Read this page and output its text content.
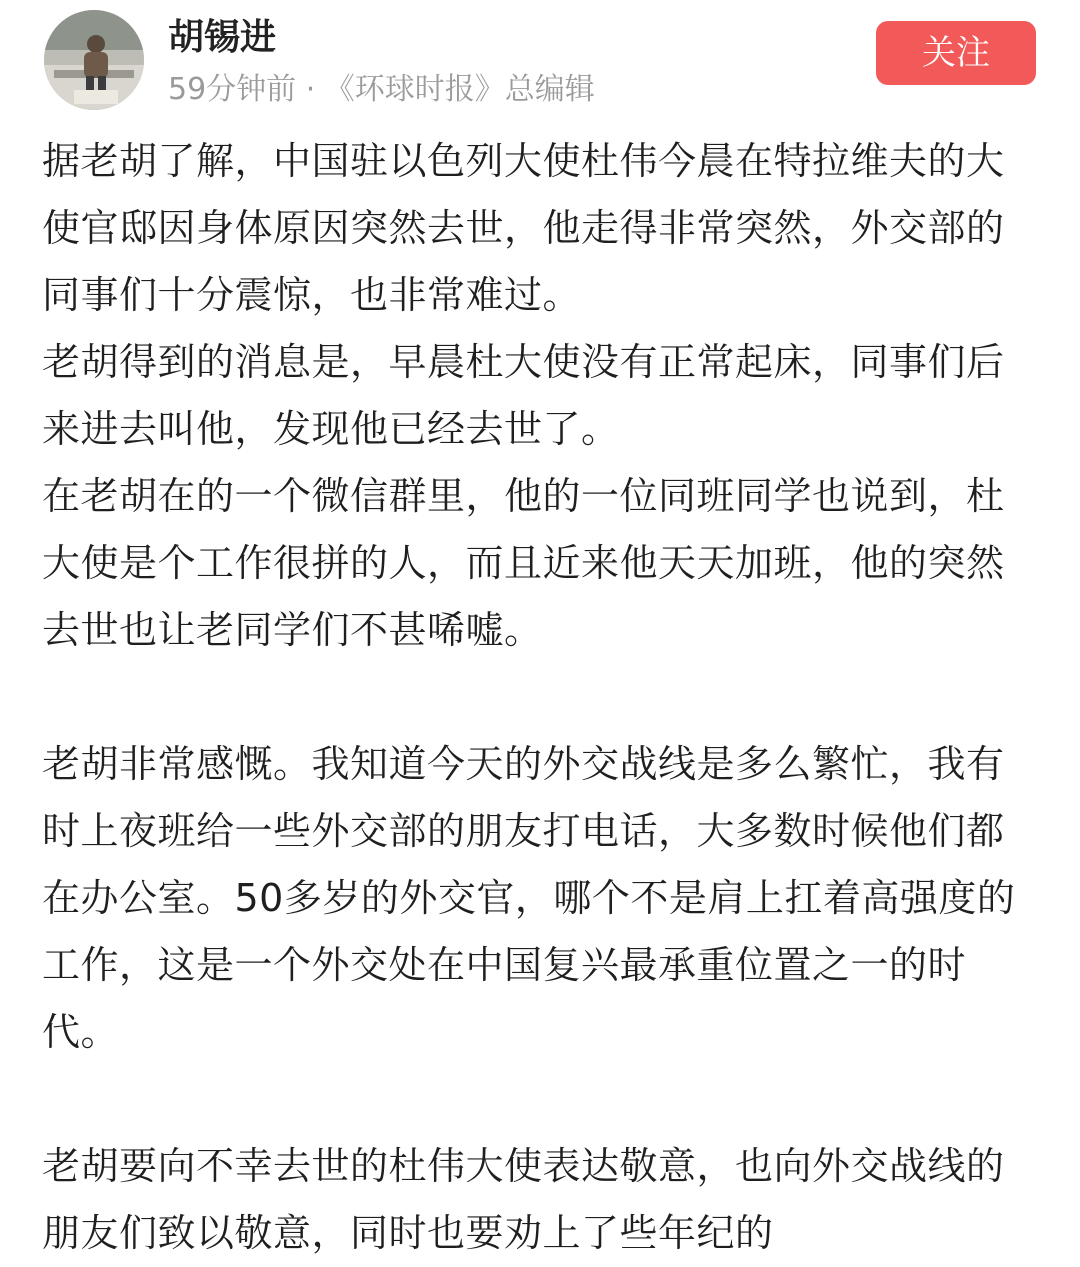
胡锡进
59分钟前 · 《环球时报》总编辑
关注

据老胡了解，中国驻以色列大使杜伟今晨在特拉维夫的大使官邸因身体原因突然去世，他走得非常突然，外交部的同事们十分震惊，也非常难过。

老胡得到的消息是，早晨杜大使没有正常起床，同事们后来进去叫他，发现他已经去世了。

在老胡在的一个微信群里，他的一位同班同学也说到，杜大使是个工作很拼的人，而且近来他天天加班，他的突然去世也让老同学们不甚唏嘘。

老胡非常感慨。我知道今天的外交战线是多么繁忙，我有时上夜班给一些外交部的朋友打电话，大多数时候他们都在办公室。50多岁的外交官，哪个不是肩上扛着高强度的工作，这是一个外交处在中国复兴最承重位置之一的时代。

老胡要向不幸去世的杜伟大使表达敬意，也向外交战线的朋友们致以敬意，同时也要劝上了些年纪的
